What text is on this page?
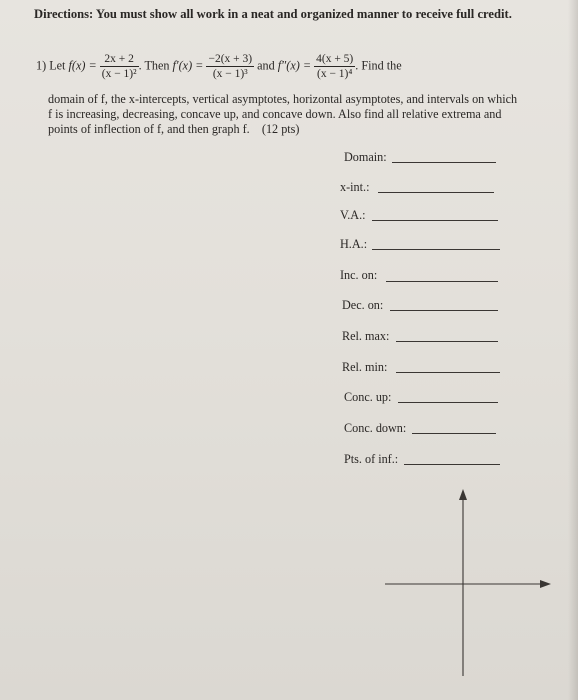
Directions: You must show all work in a neat and organized manner to receive full credit.
1) Let $f(x) = \frac{2x + 2}{\text{(x − 1)²}}$ . Then $f'(x) = \frac{-2(x + 3)}{\text{(x − 1)³}}$ and $f''(x) = \frac{4(x + 5)}{\text{(x − 1)⁴}}$ . Find the
domain of f, the x-intercepts, vertical asymptotes, horizontal asymptotes, and intervals on which f is increasing, decreasing, concave up, and concave down. Also find all relative extrema and points of inflection of f, and then graph f. (12 pts)
Domain:
x-int.:
V.A.:
H.A.:
Inc. on:
Dec. on:
Rel. max:
Rel. min:
Conc. up:
Conc. down:
Pts. of inf.:
